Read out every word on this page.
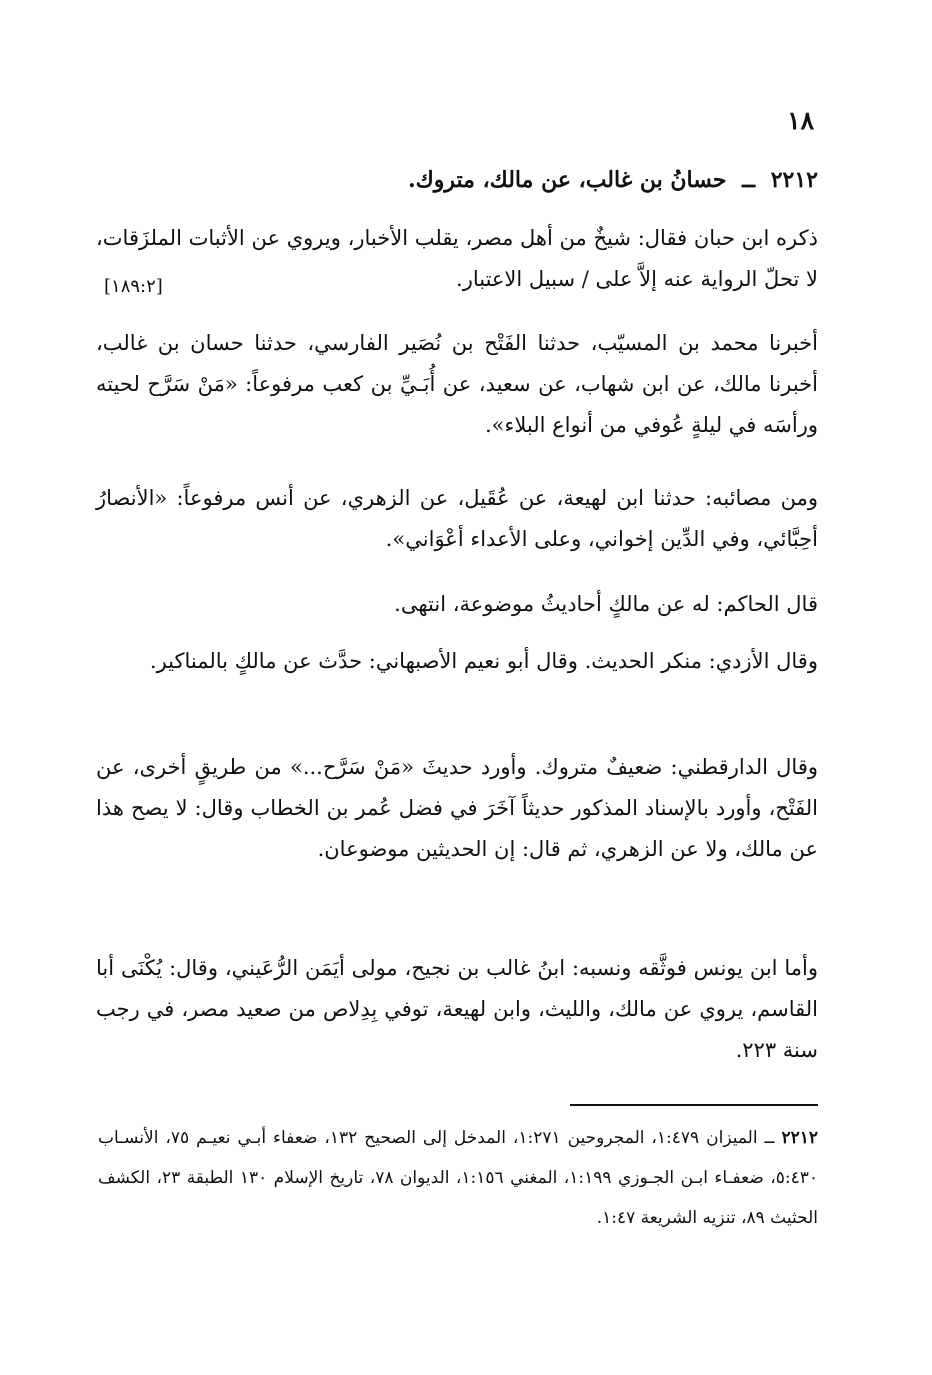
١٨
٢٢١٢ ــ حسانُ بن غالب، عن مالك، متروك.
[١٨٩:٢]

ذكره ابن حبان فقال: شيخٌ من أهل مصر، يقلب الأخبار، ويروي عن الأثبات الملزَقات، لا تحلّ الرواية عنه إلاَّ على / سبيل الاعتبار.

أخبرنا محمد بن المسيّب، حدثنا الفَتْح بن نُصَير الفارسي، حدثنا حسان بن غالب، أخبرنا مالك، عن ابن شهاب، عن سعيد، عن أُبَـيِّ بن كعب مرفوعاً: «مَنْ سَرَّح لحيته ورأسَه في ليلةٍ عُوفي من أنواع البلاء».

ومن مصائبه: حدثنا ابن لهيعة، عن عُقَيل، عن الزهري، عن أنس مرفوعاً: «الأنصارُ أحِبَّائي، وفي الدِّين إخواني، وعلى الأعداء أعْوَاني».

قال الحاكم: له عن مالكٍ أحاديثُ موضوعة، انتهى.

وقال الأزدي: منكر الحديث. وقال أبو نعيم الأصبهاني: حدَّث عن مالكٍ بالمناكير.

وقال الدارقطني: ضعيفٌ متروك. وأورد حديثَ «مَنْ سَرَّح...» من طريقٍ أخرى، عن الفَتْح، وأورد بالإسناد المذكور حديثاً آخَرَ في فضل عُمر بن الخطاب وقال: لا يصح هذا عن مالك، ولا عن الزهري، ثم قال: إن الحديثين موضوعان.

وأما ابن يونس فوثَّقه ونسبه: ابنُ غالب بن نجيح، مولى أيَمَن الرُّعَيني، وقال: يُكْنَى أبا القاسم، يروي عن مالك، والليث، وابن لهيعة، توفي بِدِلاص من صعيد مصر، في رجب سنة ٢٢٣.

٢٢١٢ ــ الميزان ١:٤٧٩، المجروحين ١:٢٧١، المدخل إلى الصحيح ١٣٢، ضعفاء أبـي نعيـم ٧٥، الأنسـاب ٥:٤٣٠، ضعفـاء ابـن الجـوزي ١:١٩٩، المغني ١:١٥٦، الديوان ٧٨، تاريخ الإسلام ١٣٠ الطبقة ٢٣، الكشف الحثيث ٨٩، تنزيه الشريعة ١:٤٧.
